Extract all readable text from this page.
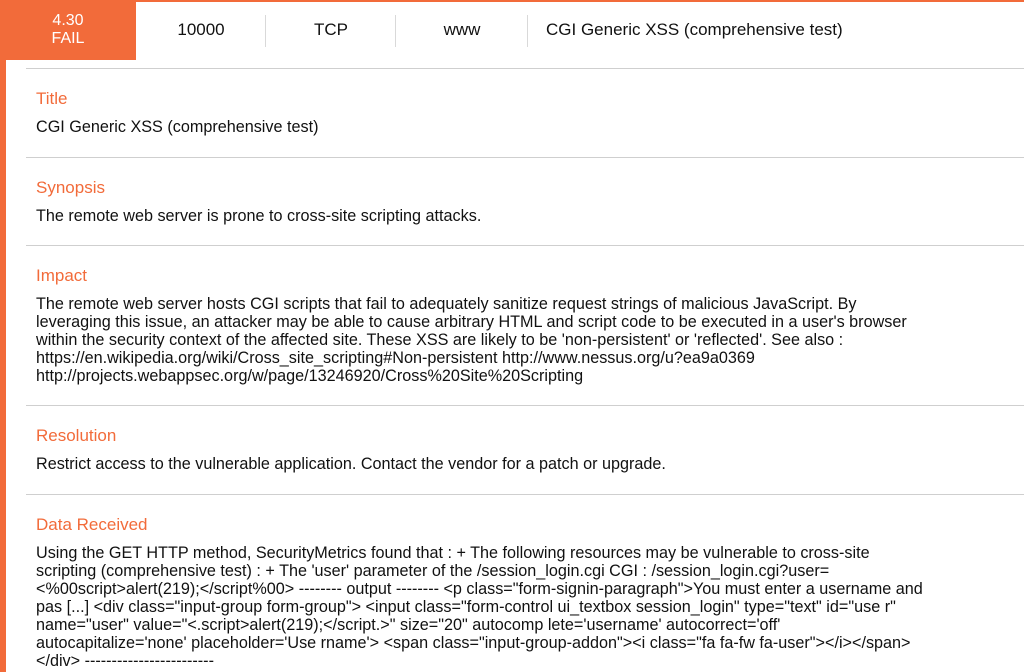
4.30
FAIL	10000	TCP	www	CGI Generic XSS (comprehensive test)
Title
CGI Generic XSS (comprehensive test)
Synopsis
The remote web server is prone to cross-site scripting attacks.
Impact
The remote web server hosts CGI scripts that fail to adequately sanitize request strings of malicious JavaScript. By
leveraging this issue, an attacker may be able to cause arbitrary HTML and script code to be executed in a user's browser
within the security context of the affected site. These XSS are likely to be 'non-persistent' or 'reflected'. See also :
https://en.wikipedia.org/wiki/Cross_site_scripting#Non-persistent http://www.nessus.org/u?ea9a0369
http://projects.webappsec.org/w/page/13246920/Cross%20Site%20Scripting
Resolution
Restrict access to the vulnerable application. Contact the vendor for a patch or upgrade.
Data Received
Using the GET HTTP method, SecurityMetrics found that : + The following resources may be vulnerable to cross-site
scripting (comprehensive test) : + The 'user' parameter of the /session_login.cgi CGI : /session_login.cgi?user=
<%00script>alert(219);</script%00> -------- output -------- <p class="form-signin-paragraph">You must enter a username and
pas [...] <div class="input-group form-group"> <input class="form-control ui_textbox session_login" type="text" id="use r"
name="user" value="<.script>alert(219);</script.>" size="20" autocomp lete='username' autocorrect='off'
autocapitalize='none' placeholder='Use rname'> <span class="input-group-addon"><i class="fa fa-fw fa-user"></i></span>
</div> ------------------------
